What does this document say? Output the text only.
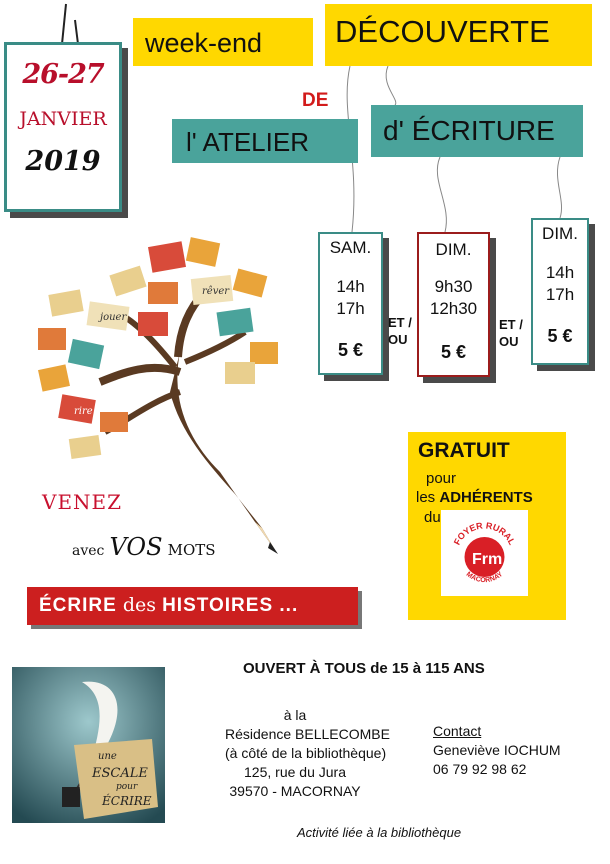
26-27
JANVIER
2019
week-end	DÉCOUVERTE
DE
l' ATELIER	d' ÉCRITURE
SAM.
14h
17h
5 €
ET /
OU
DIM.
9h30
12h30
5 €
ET /
OU
DIM.
14h
17h
5 €
rêver
jouer
rire
VENEZ
avec VOS MOTS
GRATUIT
pour
les ADHÉRENTS
du
Frm
FOYER RURAL
MACORNAY
ÉCRIRE des HISTOIRES ...
une
ESCALE
pour
ÉCRIRE
OUVERT À TOUS de 15 à 115 ANS
à la
Résidence BELLECOMBE
(à côté de la bibliothèque)
125, rue du Jura
39570 - MACORNAY
Contact
Geneviève IOCHUM
06 79 92 98 62
Activité liée à la bibliothèque
